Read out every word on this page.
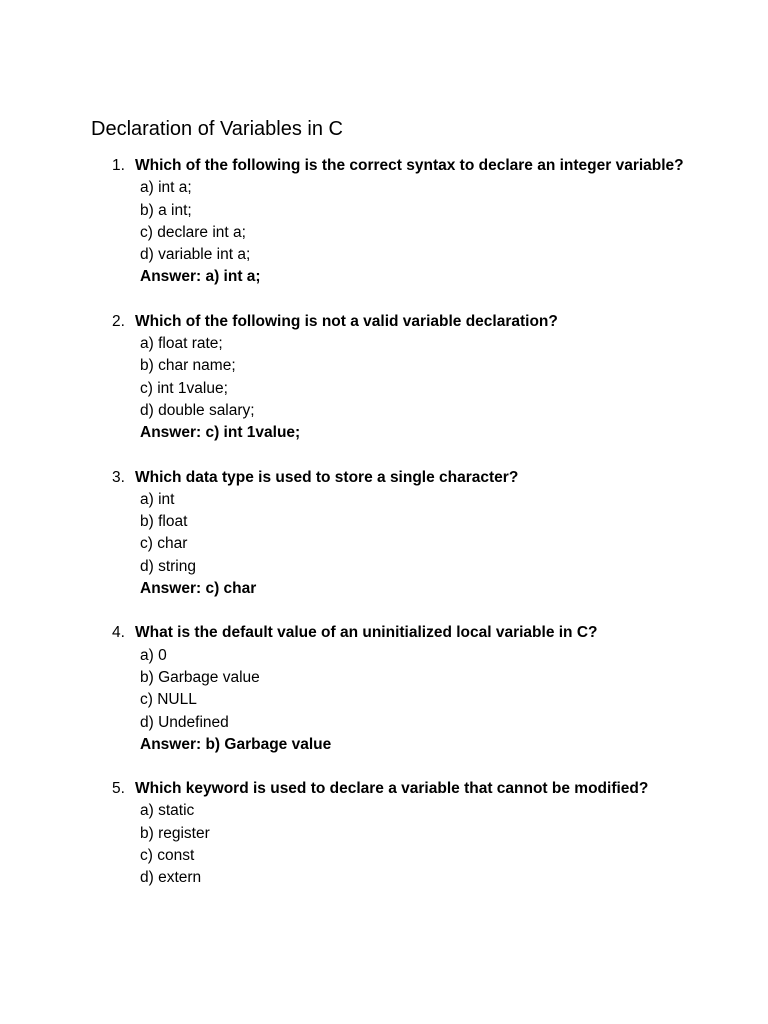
Declaration of Variables in C
1. Which of the following is the correct syntax to declare an integer variable?
a) int a;
b) a int;
c) declare int a;
d) variable int a;
Answer: a) int a;
2. Which of the following is not a valid variable declaration?
a) float rate;
b) char name;
c) int 1value;
d) double salary;
Answer: c) int 1value;
3. Which data type is used to store a single character?
a) int
b) float
c) char
d) string
Answer: c) char
4. What is the default value of an uninitialized local variable in C?
a) 0
b) Garbage value
c) NULL
d) Undefined
Answer: b) Garbage value
5. Which keyword is used to declare a variable that cannot be modified?
a) static
b) register
c) const
d) extern
